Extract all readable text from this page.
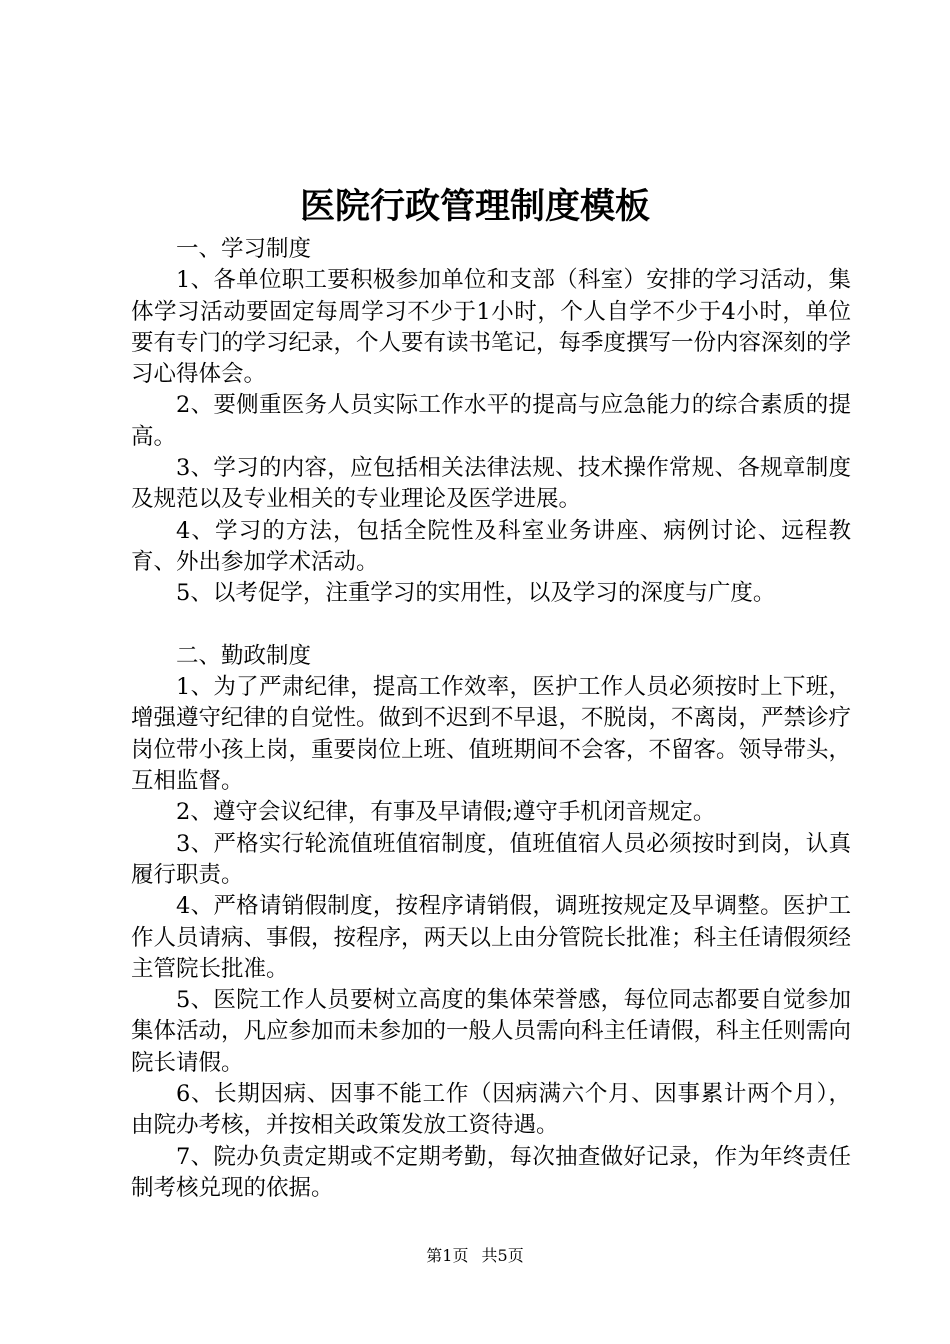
医院行政管理制度模板

一、学习制度

1、各单位职工要积极参加单位和支部（科室）安排的学习活动，集体学习活动要固定每周学习不少于1小时，个人自学不少于4小时，单位要有专门的学习纪录，个人要有读书笔记，每季度撰写一份内容深刻的学习心得体会。

2、要侧重医务人员实际工作水平的提高与应急能力的综合素质的提高。

3、学习的内容，应包括相关法律法规、技术操作常规、各规章制度及规范以及专业相关的专业理论及医学进展。

4、学习的方法，包括全院性及科室业务讲座、病例讨论、远程教育、外出参加学术活动。

5、以考促学，注重学习的实用性，以及学习的深度与广度。

二、勤政制度

1、为了严肃纪律，提高工作效率，医护工作人员必须按时上下班，增强遵守纪律的自觉性。做到不迟到不早退，不脱岗，不离岗，严禁诊疗岗位带小孩上岗，重要岗位上班、值班期间不会客，不留客。领导带头，互相监督。

2、遵守会议纪律，有事及早请假;遵守手机闭音规定。

3、严格实行轮流值班值宿制度，值班值宿人员必须按时到岗，认真履行职责。

4、严格请销假制度，按程序请销假，调班按规定及早调整。医护工作人员请病、事假，按程序，两天以上由分管院长批准；科主任请假须经主管院长批准。

5、医院工作人员要树立高度的集体荣誉感，每位同志都要自觉参加集体活动，凡应参加而未参加的一般人员需向科主任请假，科主任则需向院长请假。

6、长期因病、因事不能工作（因病满六个月、因事累计两个月），由院办考核，并按相关政策发放工资待遇。

7、院办负责定期或不定期考勤，每次抽查做好记录，作为年终责任制考核兑现的依据。

第1页 共5页
